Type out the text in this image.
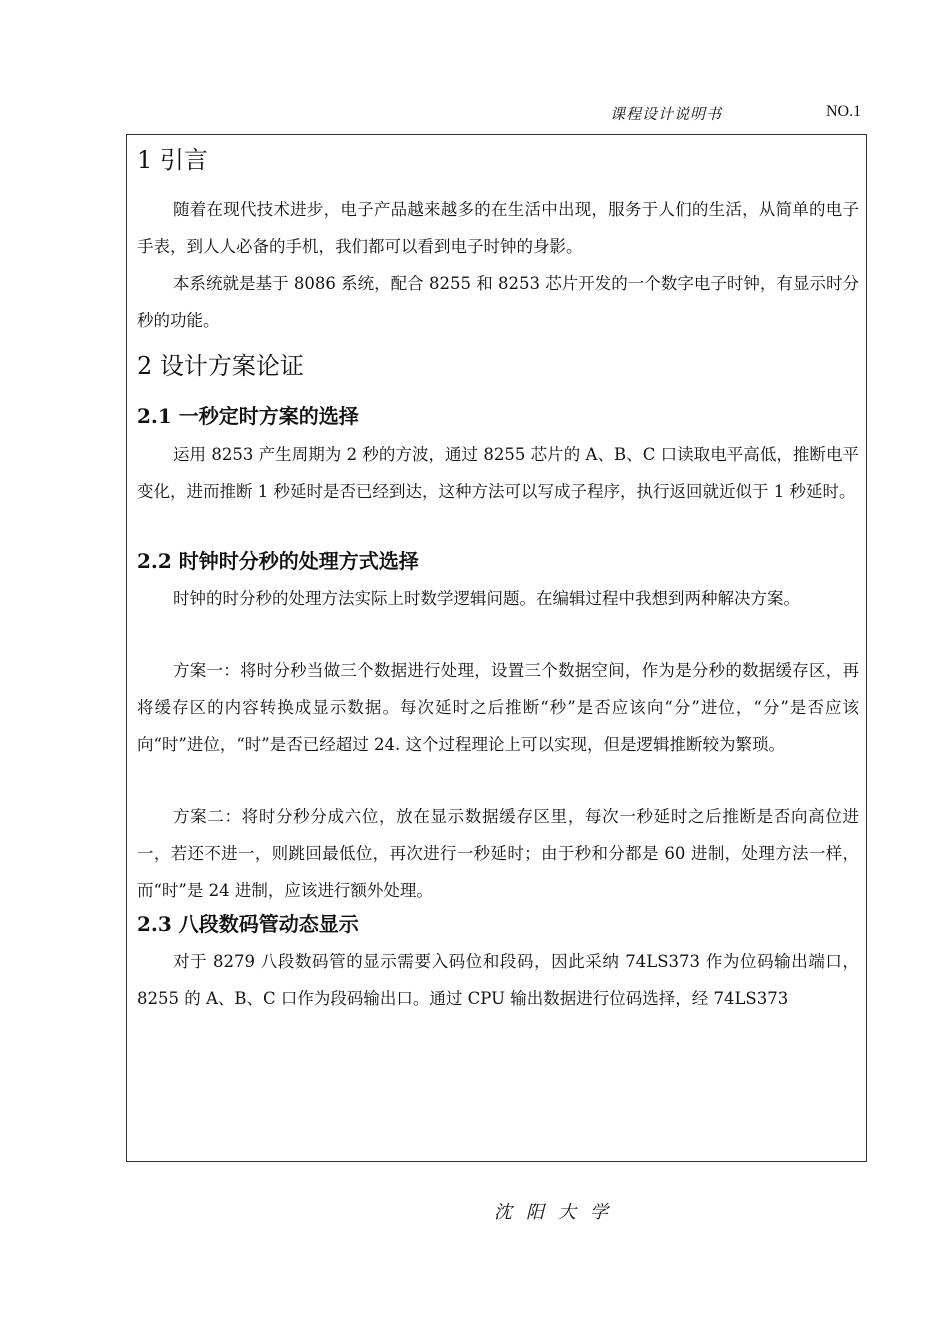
课程设计说明书	NO.1
1 引言

随着在现代技术进步，电子产品越来越多的在生活中出现，服务于人们的生活，从简单的电子手表，到人人必备的手机，我们都可以看到电子时钟的身影。

本系统就是基于 8086 系统，配合 8255 和 8253 芯片开发的一个数字电子时钟，有显示时分秒的功能。

2 设计方案论证
2.1 一秒定时方案的选择

运用 8253 产生周期为 2 秒的方波，通过 8255 芯片的 A、B、C 口读取电平高低，推断电平变化，进而推断 1 秒延时是否已经到达，这种方法可以写成子程序，执行返回就近似于 1 秒延时。

2.2 时钟时分秒的处理方式选择

时钟的时分秒的处理方法实际上时数学逻辑问题。在编辑过程中我想到两种解决方案。

方案一：将时分秒当做三个数据进行处理，设置三个数据空间，作为是分秒的数据缓存区，再将缓存区的内容转换成显示数据。每次延时之后推断“秒”是否应该向“分”进位，“分”是否应该向“时”进位，“时”是否已经超过 24. 这个过程理论上可以实现，但是逻辑推断较为繁琐。

方案二：将时分秒分成六位，放在显示数据缓存区里，每次一秒延时之后推断是否向高位进一，若还不进一，则跳回最低位，再次进行一秒延时；由于秒和分都是 60 进制，处理方法一样，而“时”是 24 进制，应该进行额外处理。

2.3 八段数码管动态显示

对于 8279 八段数码管的显示需要入码位和段码，因此采纳 74LS373 作为位码输出端口，8255 的 A、B、C 口作为段码输出口。通过 CPU 输出数据进行位码选择，经 74LS373

沈阳大学
